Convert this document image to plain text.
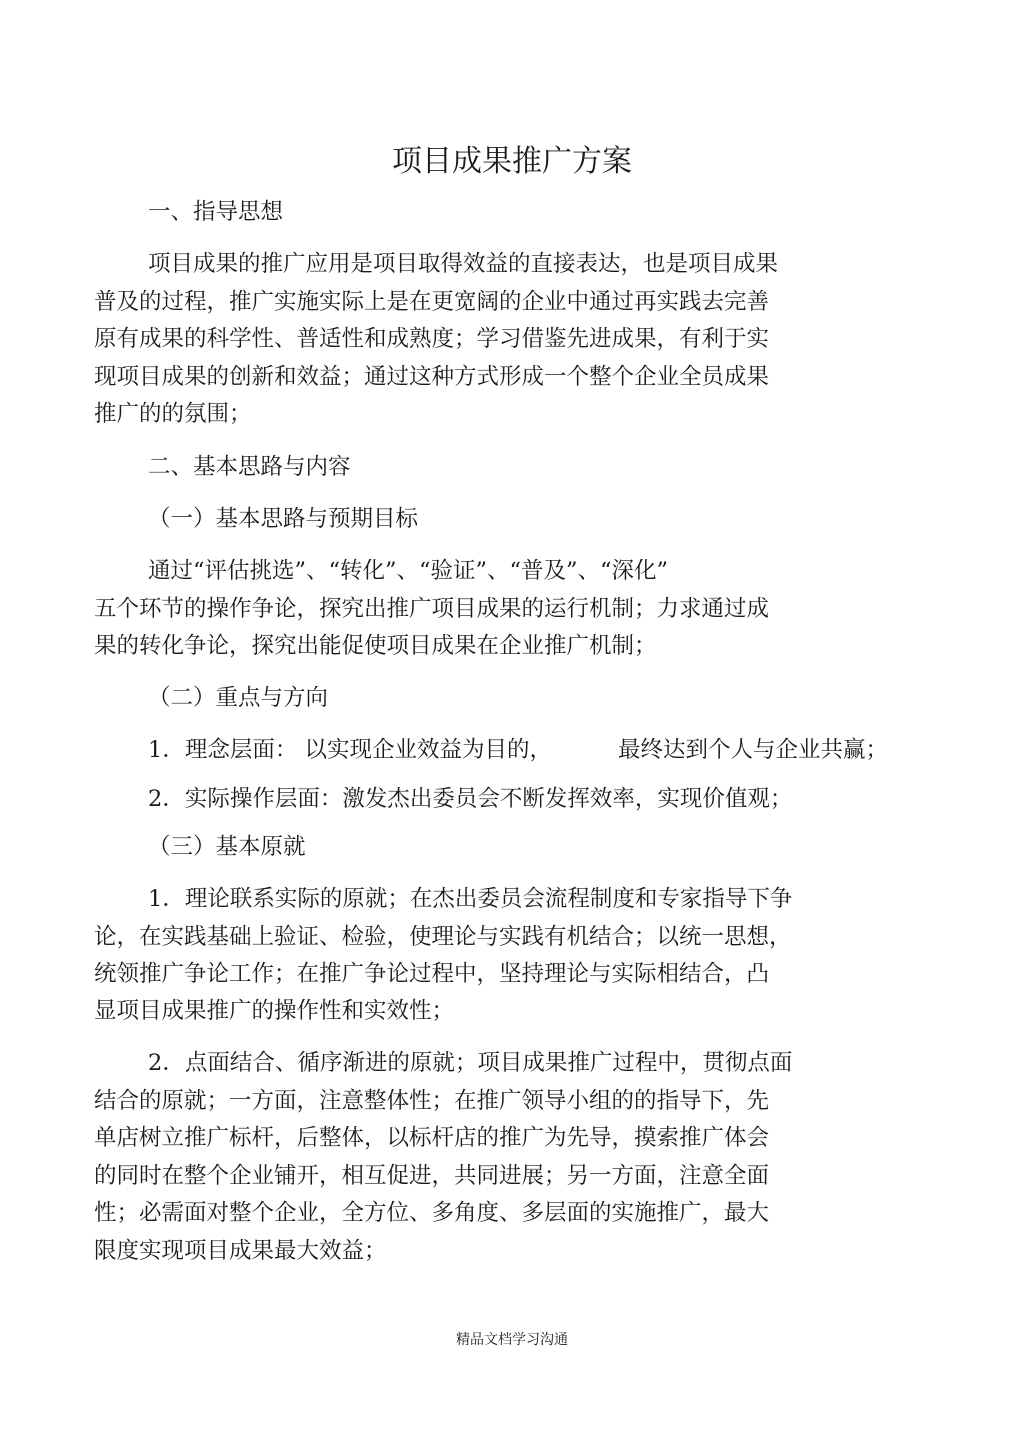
项目成果推广方案
一、指导思想
项目成果的推广应用是项目取得效益的直接表达，也是项目成果
普及的过程，推广实施实际上是在更宽阔的企业中通过再实践去完善
原有成果的科学性、普适性和成熟度；学习借鉴先进成果，有利于实
现项目成果的创新和效益；通过这种方式形成一个整个企业全员成果
推广的的氛围；
二、基本思路与内容
（一）基本思路与预期目标
通过“评估挑选”、“转化”、“验证”、“普及”、“深化”
五个环节的操作争论，探究出推广项目成果的运行机制；力求通过成
果的转化争论，探究出能促使项目成果在企业推广机制；
（二）重点与方向
1．理念层面： 以实现企业效益为目的，	最终达到个人与企业共赢；
2．实际操作层面：激发杰出委员会不断发挥效率，实现价值观；
（三）基本原就
1．理论联系实际的原就；在杰出委员会流程制度和专家指导下争
论，在实践基础上验证、检验，使理论与实践有机结合；以统一思想，
统领推广争论工作；在推广争论过程中，坚持理论与实际相结合，凸
显项目成果推广的操作性和实效性；
2．点面结合、循序渐进的原就；项目成果推广过程中，贯彻点面
结合的原就；一方面，注意整体性；在推广领导小组的的指导下，先
单店树立推广标杆，后整体，以标杆店的推广为先导，摸索推广体会
的同时在整个企业铺开，相互促进，共同进展；另一方面，注意全面
性；必需面对整个企业，全方位、多角度、多层面的实施推广，最大
限度实现项目成果最大效益；
精品文档学习沟通
